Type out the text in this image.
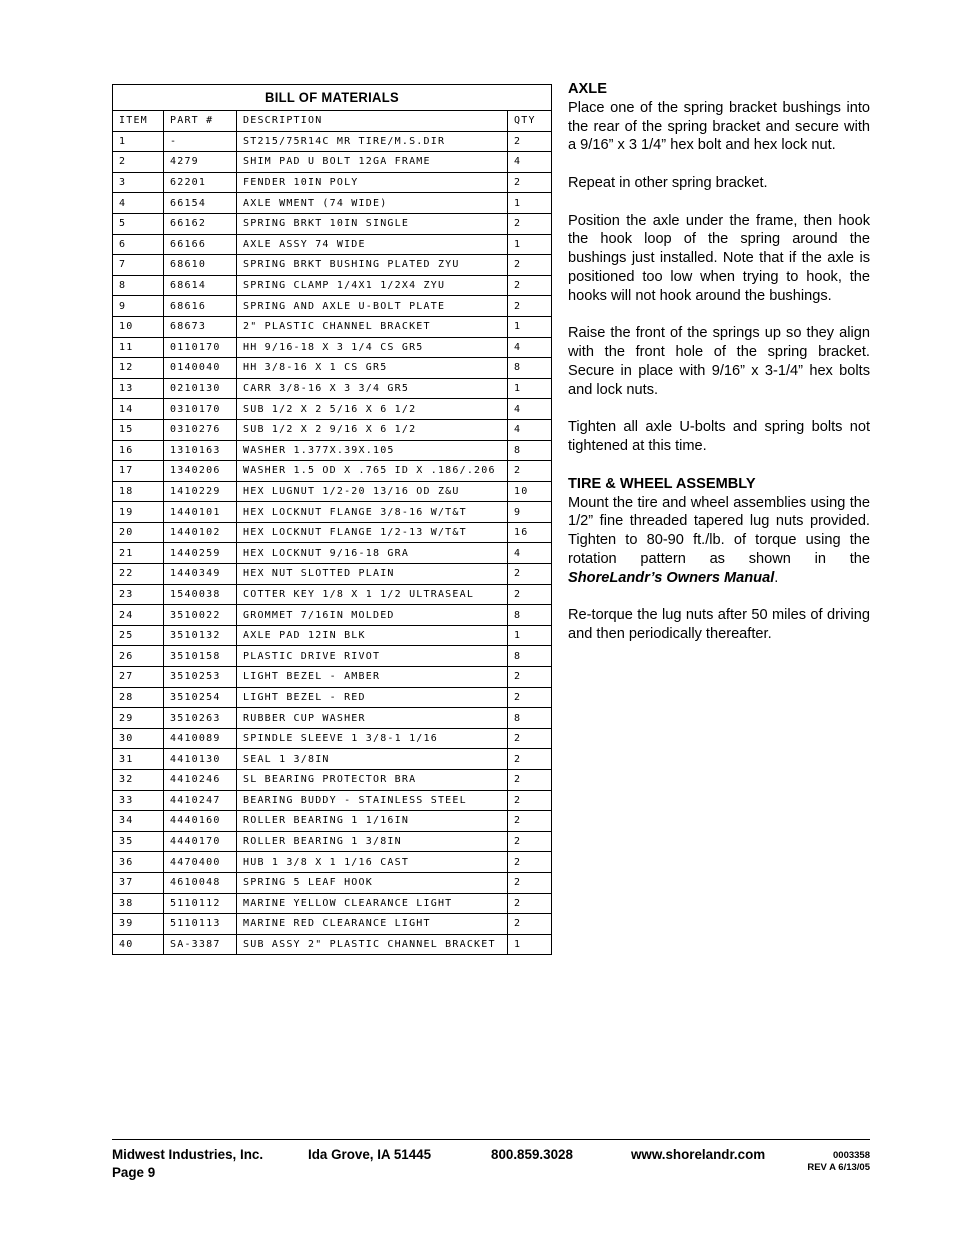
BILL OF MATERIALS
ITEM	PART #	DESCRIPTION	QTY
1	-	ST215/75R14C MR TIRE/M.S.DIR	2
2	4279	SHIM PAD U BOLT 12GA FRAME	4
3	62201	FENDER 10IN POLY	2
4	66154	AXLE WMENT (74 WIDE)	1
5	66162	SPRING BRKT 10IN SINGLE	2
6	66166	AXLE ASSY 74 WIDE	1
7	68610	SPRING BRKT BUSHING PLATED ZYU	2
8	68614	SPRING CLAMP 1/4X1 1/2X4 ZYU	2
9	68616	SPRING AND AXLE U-BOLT PLATE	2
10	68673	2" PLASTIC CHANNEL BRACKET	1
11	0110170	HH 9/16-18 X 3 1/4 CS GR5	4
12	0140040	HH 3/8-16 X 1 CS GR5	8
13	0210130	CARR 3/8-16 X 3 3/4 GR5	1
14	0310170	SUB 1/2 X 2 5/16 X 6 1/2	4
15	0310276	SUB 1/2 X 2 9/16 X 6 1/2	4
16	1310163	WASHER 1.377X.39X.105	8
17	1340206	WASHER 1.5 OD X .765 ID X .186/.206	2
18	1410229	HEX LUGNUT 1/2-20 13/16 OD Z&U	10
19	1440101	HEX LOCKNUT FLANGE 3/8-16 W/T&T	9
20	1440102	HEX LOCKNUT FLANGE 1/2-13 W/T&T	16
21	1440259	HEX LOCKNUT 9/16-18 GRA	4
22	1440349	HEX NUT SLOTTED PLAIN	2
23	1540038	COTTER KEY 1/8 X 1 1/2 ULTRASEAL	2
24	3510022	GROMMET 7/16IN MOLDED	8
25	3510132	AXLE PAD 12IN BLK	1
26	3510158	PLASTIC DRIVE RIVOT	8
27	3510253	LIGHT BEZEL - AMBER	2
28	3510254	LIGHT BEZEL - RED	2
29	3510263	RUBBER CUP WASHER	8
30	4410089	SPINDLE SLEEVE 1 3/8-1 1/16	2
31	4410130	SEAL 1 3/8IN	2
32	4410246	SL BEARING PROTECTOR BRA	2
33	4410247	BEARING BUDDY - STAINLESS STEEL	2
34	4440160	ROLLER BEARING 1 1/16IN	2
35	4440170	ROLLER BEARING 1 3/8IN	2
36	4470400	HUB 1 3/8 X 1 1/16 CAST	2
37	4610048	SPRING 5 LEAF HOOK	2
38	5110112	MARINE YELLOW CLEARANCE LIGHT	2
39	5110113	MARINE RED CLEARANCE LIGHT	2
40	SA-3387	SUB ASSY 2" PLASTIC CHANNEL BRACKET	1
AXLE

Place one of the spring bracket bushings into the rear of the spring bracket and secure with a 9/16” x 3 1/4” hex bolt and hex lock nut.

Repeat in other spring bracket.

Position the axle under the frame, then hook the hook loop of the spring around the bushings just installed. Note that if the axle is positioned too low when trying to hook, the hooks will not hook around the bushings.

Raise the front of the springs up so they align with the front hole of the spring bracket. Secure in place with 9/16” x 3-1/4” hex bolts and lock nuts.

Tighten all axle U-bolts and spring bolts not tightened at this time.

TIRE & WHEEL ASSEMBLY

Mount the tire and wheel assemblies using the 1/2” fine threaded tapered lug nuts provided. Tighten to 80-90 ft./lb. of torque using the rotation pattern as shown in the ShoreLandr’s Owners Manual.

Re-torque the lug nuts after 50 miles of driving and then periodically thereafter.

Midwest Industries, Inc.	Ida Grove, IA 51445	800.859.3028	www.shorelandr.com
Page 9
0003358
REV A 6/13/05
